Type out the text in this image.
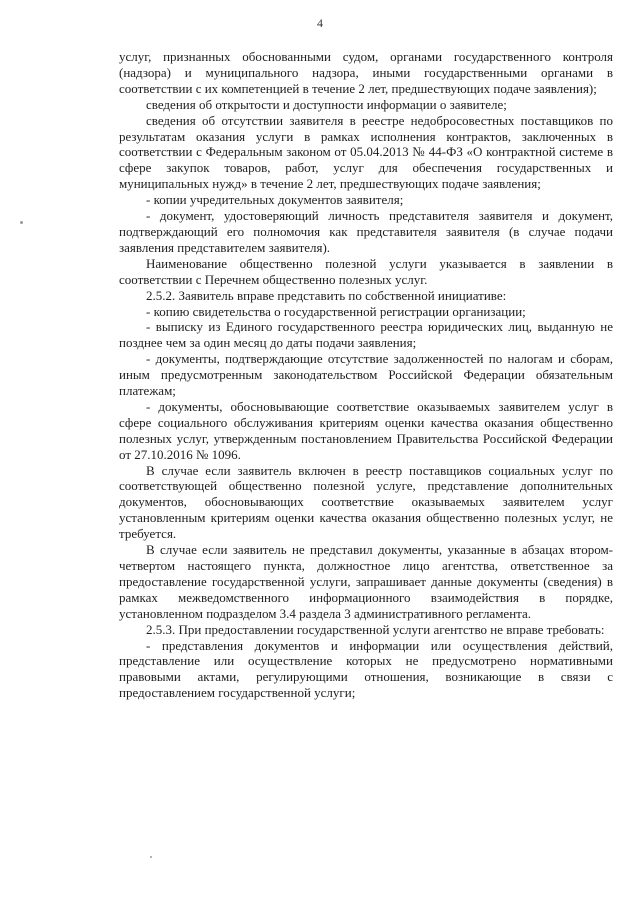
4

услуг, признанных обоснованными судом, органами государственного контроля (надзора) и муниципального надзора, иными государственными органами в соответствии с их компетенцией в течение 2 лет, предшествующих подаче заявления);

сведения об открытости и доступности информации о заявителе;

сведения об отсутствии заявителя в реестре недобросовестных поставщиков по результатам оказания услуги в рамках исполнения контрактов, заключенных в соответствии с Федеральным законом от 05.04.2013 № 44-ФЗ «О контрактной системе в сфере закупок товаров, работ, услуг для обеспечения государственных и муниципальных нужд» в течение 2 лет, предшествующих подаче заявления;

- копии учредительных документов заявителя;

- документ, удостоверяющий личность представителя заявителя и документ, подтверждающий его полномочия как представителя заявителя (в случае подачи заявления представителем заявителя).

Наименование общественно полезной услуги указывается в заявлении в соответствии с Перечнем общественно полезных услуг.

2.5.2. Заявитель вправе представить по собственной инициативе:

- копию свидетельства о государственной регистрации организации;

- выписку из Единого государственного реестра юридических лиц, выданную не позднее чем за один месяц до даты подачи заявления;

- документы, подтверждающие отсутствие задолженностей по налогам и сборам, иным предусмотренным законодательством Российской Федерации обязательным платежам;

- документы, обосновывающие соответствие оказываемых заявителем услуг в сфере социального обслуживания критериям оценки качества оказания общественно полезных услуг, утвержденным постановлением Правительства Российской Федерации от 27.10.2016 № 1096.

В случае если заявитель включен в реестр поставщиков социальных услуг по соответствующей общественно полезной услуге, представление дополнительных документов, обосновывающих соответствие оказываемых заявителем услуг установленным критериям оценки качества оказания общественно полезных услуг, не требуется.

В случае если заявитель не представил документы, указанные в абзацах втором-четвертом настоящего пункта, должностное лицо агентства, ответственное за предоставление государственной услуги, запрашивает данные документы (сведения) в рамках межведомственного информационного взаимодействия в порядке, установленном подразделом 3.4 раздела 3 административного регламента.

2.5.3. При предоставлении государственной услуги агентство не вправе требовать:

- представления документов и информации или осуществления действий, представление или осуществление которых не предусмотрено нормативными правовыми актами, регулирующими отношения, возникающие в связи с предоставлением государственной услуги;
